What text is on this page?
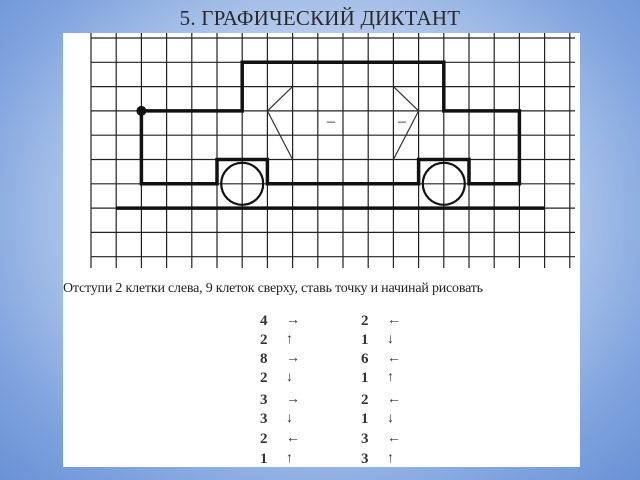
5. ГРАФИЧЕСКИЙ ДИКТАНТ
–	–
Отступи 2 клетки слева, 9 клеток сверху, ставь точку и начинай рисовать
4 →
2 ↑
8 →
2 ↓
3 →
3 ↓
2 ←
1 ↑
2 ←
1 ↓
6 ←
1 ↑
2 ←
1 ↓
3 ←
3 ↑
